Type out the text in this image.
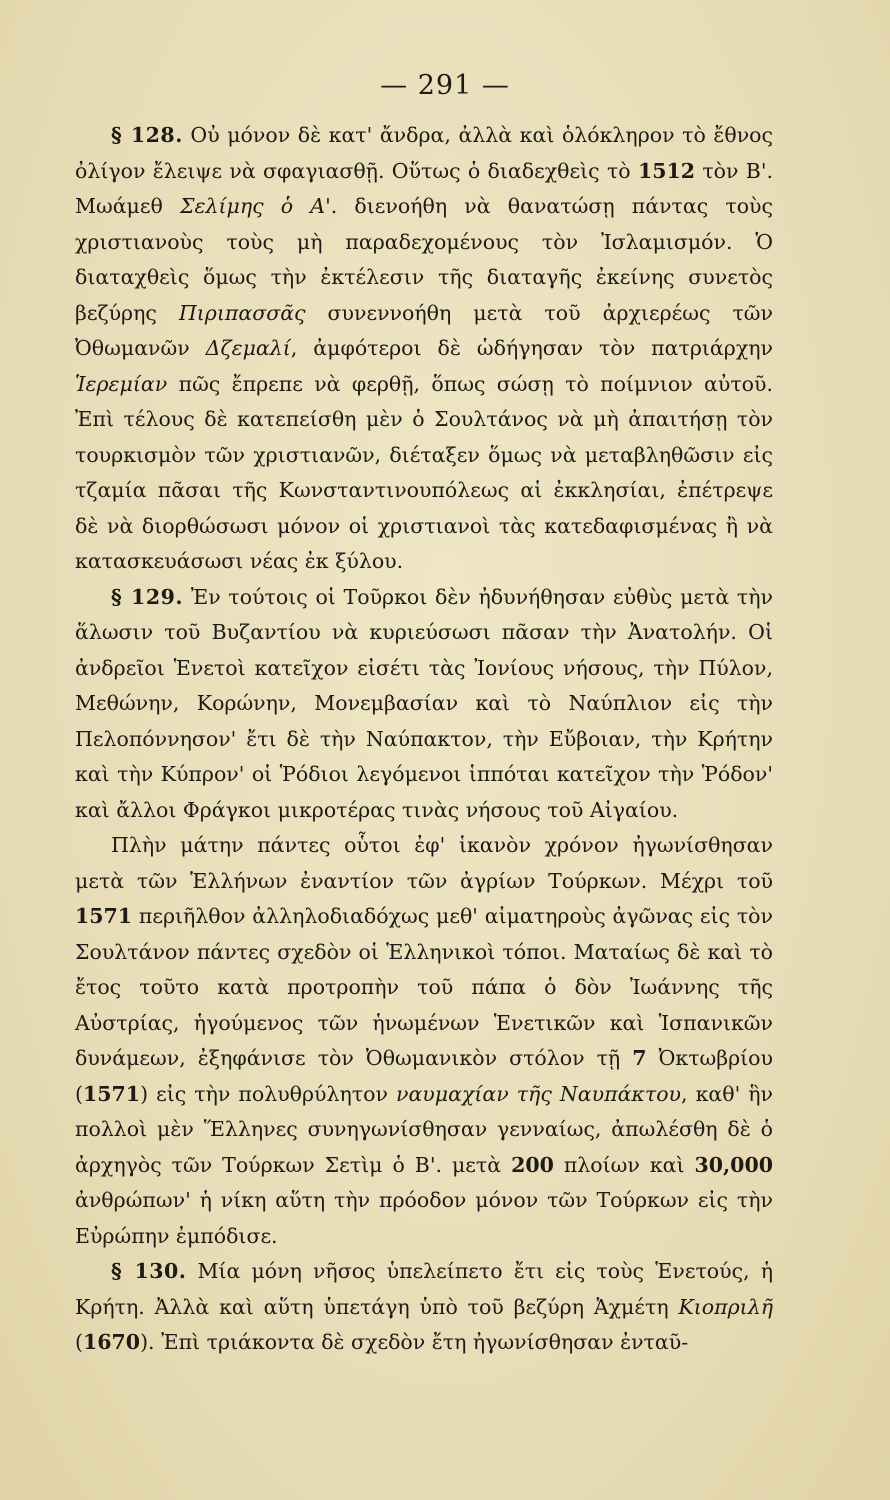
— 291 —

§ 128. Οὐ μόνον δὲ κατ' ἄνδρα, ἀλλὰ καὶ ὁλόκληρον τὸ ἔθνος ὀλίγον ἔλειψε νὰ σφαγιασθῇ. Οὕτως ὁ διαδεχθεὶς τὸ 1512 τὸν Β'. Μωάμεθ Σελίμης ὁ Α'. διενοήθη νὰ θανατώσῃ πάντας τοὺς χριστιανοὺς τοὺς μὴ παραδεχομένους τὸν Ἰσλαμισμόν. Ὁ διαταχθεὶς ὅμως τὴν ἐκτέλεσιν τῆς διαταγῆς ἐκείνης συνετὸς βεζύρης Πιριπασσᾶς συνεννοήθη μετὰ τοῦ ἀρχιερέως τῶν Ὀθωμανῶν Δζεμαλί, ἀμφότεροι δὲ ὡδήγησαν τὸν πατριάρχην Ἱερεμίαν πῶς ἔπρεπε νὰ φερθῇ, ὅπως σώσῃ τὸ ποίμνιον αὐτοῦ. Ἐπὶ τέλους δὲ κατεπείσθη μὲν ὁ Σουλτάνος νὰ μὴ ἀπαιτήσῃ τὸν τουρκισμὸν τῶν χριστιανῶν, διέταξεν ὅμως νὰ μεταβληθῶσιν εἰς τζαμία πᾶσαι τῆς Κωνσταντινουπόλεως αἱ ἐκκλησίαι, ἐπέτρεψε δὲ νὰ διορθώσωσι μόνον οἱ χριστιανοὶ τὰς κατεδαφισμένας ἢ νὰ κατασκευάσωσι νέας ἐκ ξύλου.

§ 129. Ἐν τούτοις οἱ Τοῦρκοι δὲν ἠδυνήθησαν εὐθὺς μετὰ τὴν ἅλωσιν τοῦ Βυζαντίου νὰ κυριεύσωσι πᾶσαν τὴν Ἀνατολήν. Οἱ ἀνδρεῖοι Ἑνετοὶ κατεῖχον εἰσέτι τὰς Ἰονίους νήσους, τὴν Πύλον, Μεθώνην, Κορώνην, Μονεμβασίαν καὶ τὸ Ναύπλιον εἰς τὴν Πελοπόννησον' ἔτι δὲ τὴν Ναύπακτον, τὴν Εὔβοιαν, τὴν Κρήτην καὶ τὴν Κύπρον' οἱ Ῥόδιοι λεγόμενοι ἱππόται κατεῖχον τὴν Ῥόδον' καὶ ἄλλοι Φράγκοι μικροτέρας τινὰς νήσους τοῦ Αἰγαίου.

Πλὴν μάτην πάντες οὗτοι ἐφ' ἱκανὸν χρόνον ἠγωνίσθησαν μετὰ τῶν Ἑλλήνων ἐναντίον τῶν ἀγρίων Τούρκων. Μέχρι τοῦ 1571 περιῆλθον ἀλληλοδιαδόχως μεθ' αἱματηροὺς ἀγῶνας εἰς τὸν Σουλτάνον πάντες σχεδὸν οἱ Ἑλληνικοὶ τόποι. Ματαίως δὲ καὶ τὸ ἔτος τοῦτο κατὰ προτροπὴν τοῦ πάπα ὁ δὸν Ἰωάννης τῆς Αὐστρίας, ἡγούμενος τῶν ἡνωμένων Ἑνετικῶν καὶ Ἱσπανικῶν δυνάμεων, ἐξηφάνισε τὸν Ὀθωμανικὸν στόλον τῇ 7 Ὀκτωβρίου (1571) εἰς τὴν πολυθρύλητον ναυμαχίαν τῆς Ναυπάκτου, καθ' ἣν πολλοὶ μὲν Ἕλληνες συνηγωνίσθησαν γενναίως, ἀπωλέσθη δὲ ὁ ἀρχηγὸς τῶν Τούρκων Σετὶμ ὁ Β'. μετὰ 200 πλοίων καὶ 30,000 ἀνθρώπων' ἡ νίκη αὕτη τὴν πρόοδον μόνον τῶν Τούρκων εἰς τὴν Εὐρώπην ἐμπόδισε.

§ 130. Μία μόνη νῆσος ὑπελείπετο ἔτι εἰς τοὺς Ἑνετούς, ἡ Κρήτη. Ἀλλὰ καὶ αὕτη ὑπετάγη ὑπὸ τοῦ βεζύρη Ἀχμέτη Κιοπριλῆ (1670). Ἐπὶ τριάκοντα δὲ σχεδὸν ἔτη ἠγωνίσθησαν ἐνταῦ-
